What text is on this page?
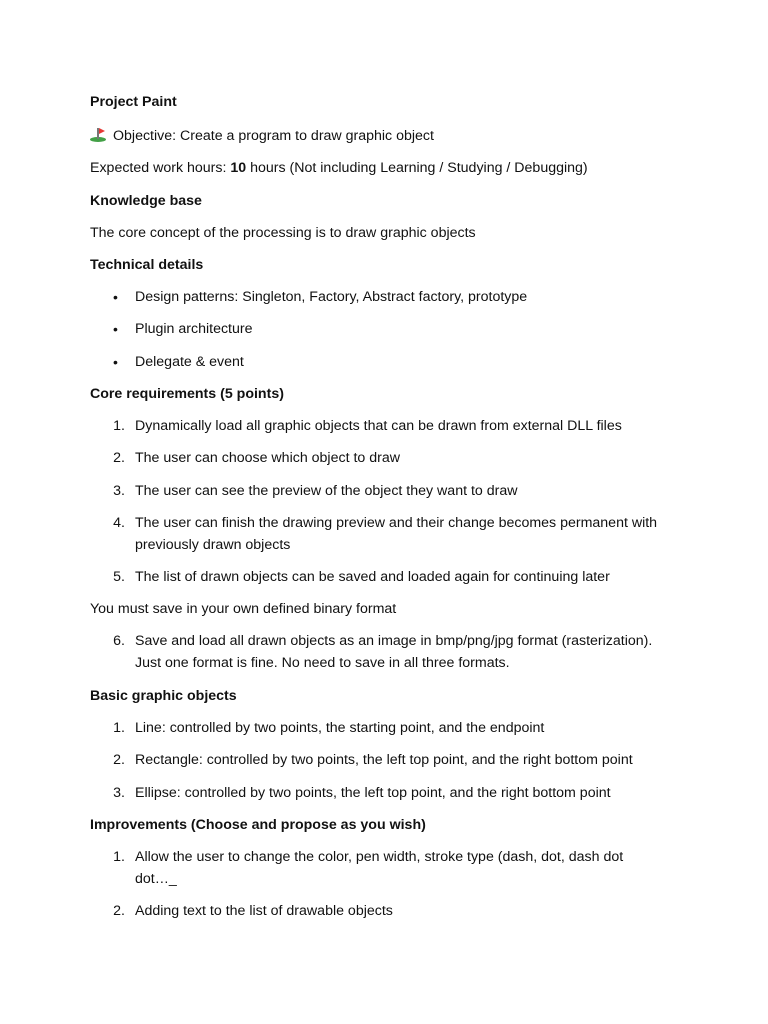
Project Paint
Objective: Create a program to draw graphic object
Expected work hours: 10 hours (Not including Learning / Studying / Debugging)
Knowledge base
The core concept of the processing is to draw graphic objects
Technical details
• Design patterns: Singleton, Factory, Abstract factory, prototype
• Plugin architecture
• Delegate & event
Core requirements (5 points)
1. Dynamically load all graphic objects that can be drawn from external DLL files
2. The user can choose which object to draw
3. The user can see the preview of the object they want to draw
4. The user can finish the drawing preview and their change becomes permanent with previously drawn objects
5. The list of drawn objects can be saved and loaded again for continuing later
You must save in your own defined binary format
6. Save and load all drawn objects as an image in bmp/png/jpg format (rasterization). Just one format is fine. No need to save in all three formats.
Basic graphic objects
1. Line: controlled by two points, the starting point, and the endpoint
2. Rectangle: controlled by two points, the left top point, and the right bottom point
3. Ellipse: controlled by two points, the left top point, and the right bottom point
Improvements (Choose and propose as you wish)
1. Allow the user to change the color, pen width, stroke type (dash, dot, dash dot dot…_
2. Adding text to the list of drawable objects
